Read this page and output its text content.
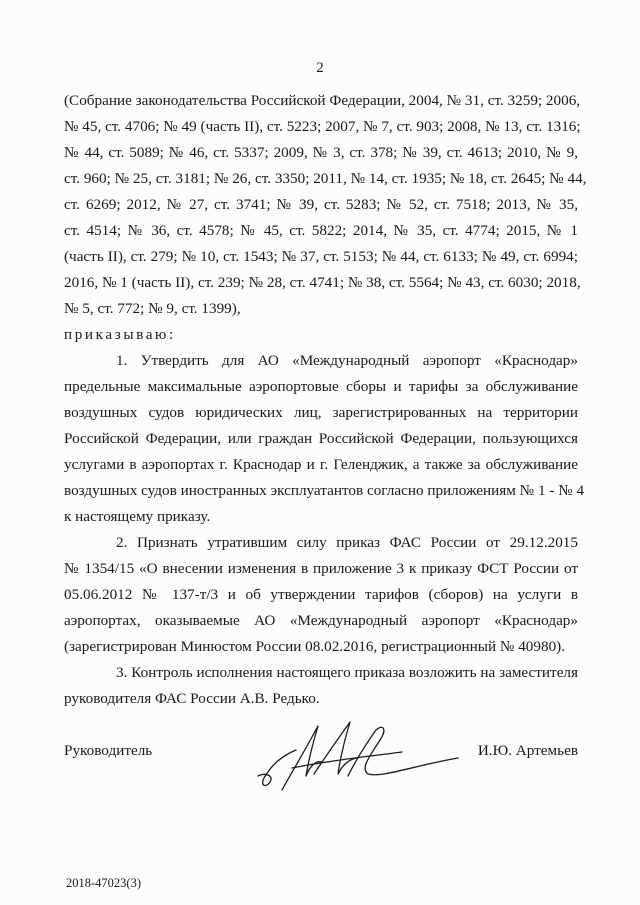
2
(Собрание законодательства Российской Федерации, 2004, № 31, ст. 3259; 2006,
№ 45, ст. 4706; № 49 (часть II), ст. 5223; 2007, № 7, ст. 903; 2008, № 13, ст. 1316;
№ 44, ст. 5089; № 46, ст. 5337; 2009, № 3, ст. 378; № 39, ст. 4613; 2010, № 9,
ст. 960; № 25, ст. 3181; № 26, ст. 3350; 2011, № 14, ст. 1935; № 18, ст. 2645; № 44,
ст. 6269; 2012, № 27, ст. 3741; № 39, ст. 5283; № 52, ст. 7518; 2013, № 35,
ст. 4514; № 36, ст. 4578; № 45, ст. 5822; 2014, № 35, ст. 4774; 2015, № 1
(часть II), ст. 279; № 10, ст. 1543; № 37, ст. 5153; № 44, ст. 6133; № 49, ст. 6994;
2016, № 1 (часть II), ст. 239; № 28, ст. 4741; № 38, ст. 5564; № 43, ст. 6030; 2018,
№ 5, ст. 772; № 9, ст. 1399),
приказываю:
1. Утвердить для АО «Международный аэропорт «Краснодар»
предельные максимальные аэропортовые сборы и тарифы за обслуживание
воздушных судов юридических лиц, зарегистрированных на территории
Российской Федерации, или граждан Российской Федерации, пользующихся
услугами в аэропортах г. Краснодар и г. Геленджик, а также за обслуживание
воздушных судов иностранных эксплуатантов согласно приложениям № 1 - № 4
к настоящему приказу.
2. Признать утратившим силу приказ ФАС России от 29.12.2015
№ 1354/15 «О внесении изменения в приложение 3 к приказу ФСТ России от
05.06.2012 № 137-т/3 и об утверждении тарифов (сборов) на услуги в
аэропортах, оказываемые АО «Международный аэропорт «Краснодар»
(зарегистрирован Минюстом России 08.02.2016, регистрационный № 40980).
3. Контроль исполнения настоящего приказа возложить на заместителя
руководителя ФАС России А.В. Редько.
Руководитель	И.Ю. Артемьев
2018-47023(3)
